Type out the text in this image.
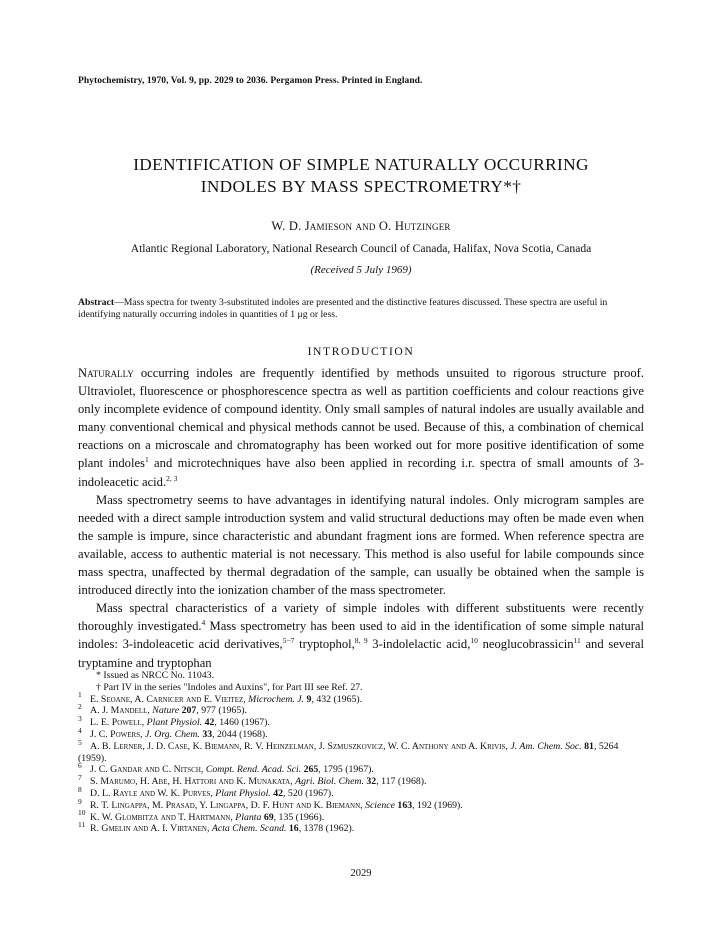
Phytochemistry, 1970, Vol. 9, pp. 2029 to 2036. Pergamon Press. Printed in England.
IDENTIFICATION OF SIMPLE NATURALLY OCCURRING
INDOLES BY MASS SPECTROMETRY*†
W. D. Jamieson and O. Hutzinger
Atlantic Regional Laboratory, National Research Council of Canada, Halifax, Nova Scotia, Canada
(Received 5 July 1969)
Abstract—Mass spectra for twenty 3-substituted indoles are presented and the distinctive features discussed. These spectra are useful in identifying naturally occurring indoles in quantities of 1 μg or less.
INTRODUCTION

Naturally occurring indoles are frequently identified by methods unsuited to rigorous structure proof. Ultraviolet, fluorescence or phosphorescence spectra as well as partition coefficients and colour reactions give only incomplete evidence of compound identity. Only small samples of natural indoles are usually available and many conventional chemical and physical methods cannot be used. Because of this, a combination of chemical reactions on a microscale and chromatography has been worked out for more positive identification of some plant indoles$^1$ and microtechniques have also been applied in recording i.r. spectra of small amounts of 3-indoleacetic acid.$^{2, 3}$

Mass spectrometry seems to have advantages in identifying natural indoles. Only microgram samples are needed with a direct sample introduction system and valid structural deductions may often be made even when the sample is impure, since characteristic and abundant fragment ions are formed. When reference spectra are available, access to authentic material is not necessary. This method is also useful for labile compounds since mass spectra, unaffected by thermal degradation of the sample, can usually be obtained when the sample is introduced directly into the ionization chamber of the mass spectrometer.

Mass spectral characteristics of a variety of simple indoles with different substituents were recently thoroughly investigated.$^4$ Mass spectrometry has been used to aid in the identification of some simple natural indoles: 3-indoleacetic acid derivatives,$^{5-7}$ tryptophol,$^{8, 9}$ 3-indolelactic acid,$^{10}$ neoglucobrassicin$^{11}$ and several tryptamine and tryptophan

* Issued as NRCC No. 11043.
† Part IV in the series "Indoles and Auxins", for Part III see Ref. 27.
1 E. Seoane, A. Carnicer and E. Vieitez, Microchem. J. 9, 432 (1965).
2 A. J. Mandell, Nature 207, 977 (1965).
3 L. E. Powell, Plant Physiol. 42, 1460 (1967).
4 J. C. Powers, J. Org. Chem. 33, 2044 (1968).
5 A. B. Lerner, J. D. Case, K. Biemann, R. V. Heinzelman, J. Szmuszkovicz, W. C. Anthony and A. Krivis, J. Am. Chem. Soc. 81, 5264 (1959).
6 J. C. Gandar and C. Nitsch, Compt. Rend. Acad. Sci. 265, 1795 (1967).
7 S. Marumo, H. Abe, H. Hattori and K. Munakata, Agri. Biol. Chem. 32, 117 (1968).
8 D. L. Rayle and W. K. Purves, Plant Physiol. 42, 520 (1967).
9 R. T. Lingappa, M. Prasad, Y. Lingappa, D. F. Hunt and K. Biemann, Science 163, 192 (1969).
10 K. W. Glombitza and T. Hartmann, Planta 69, 135 (1966).
11 R. Gmelin and A. I. Virtanen, Acta Chem. Scand. 16, 1378 (1962).
2029
